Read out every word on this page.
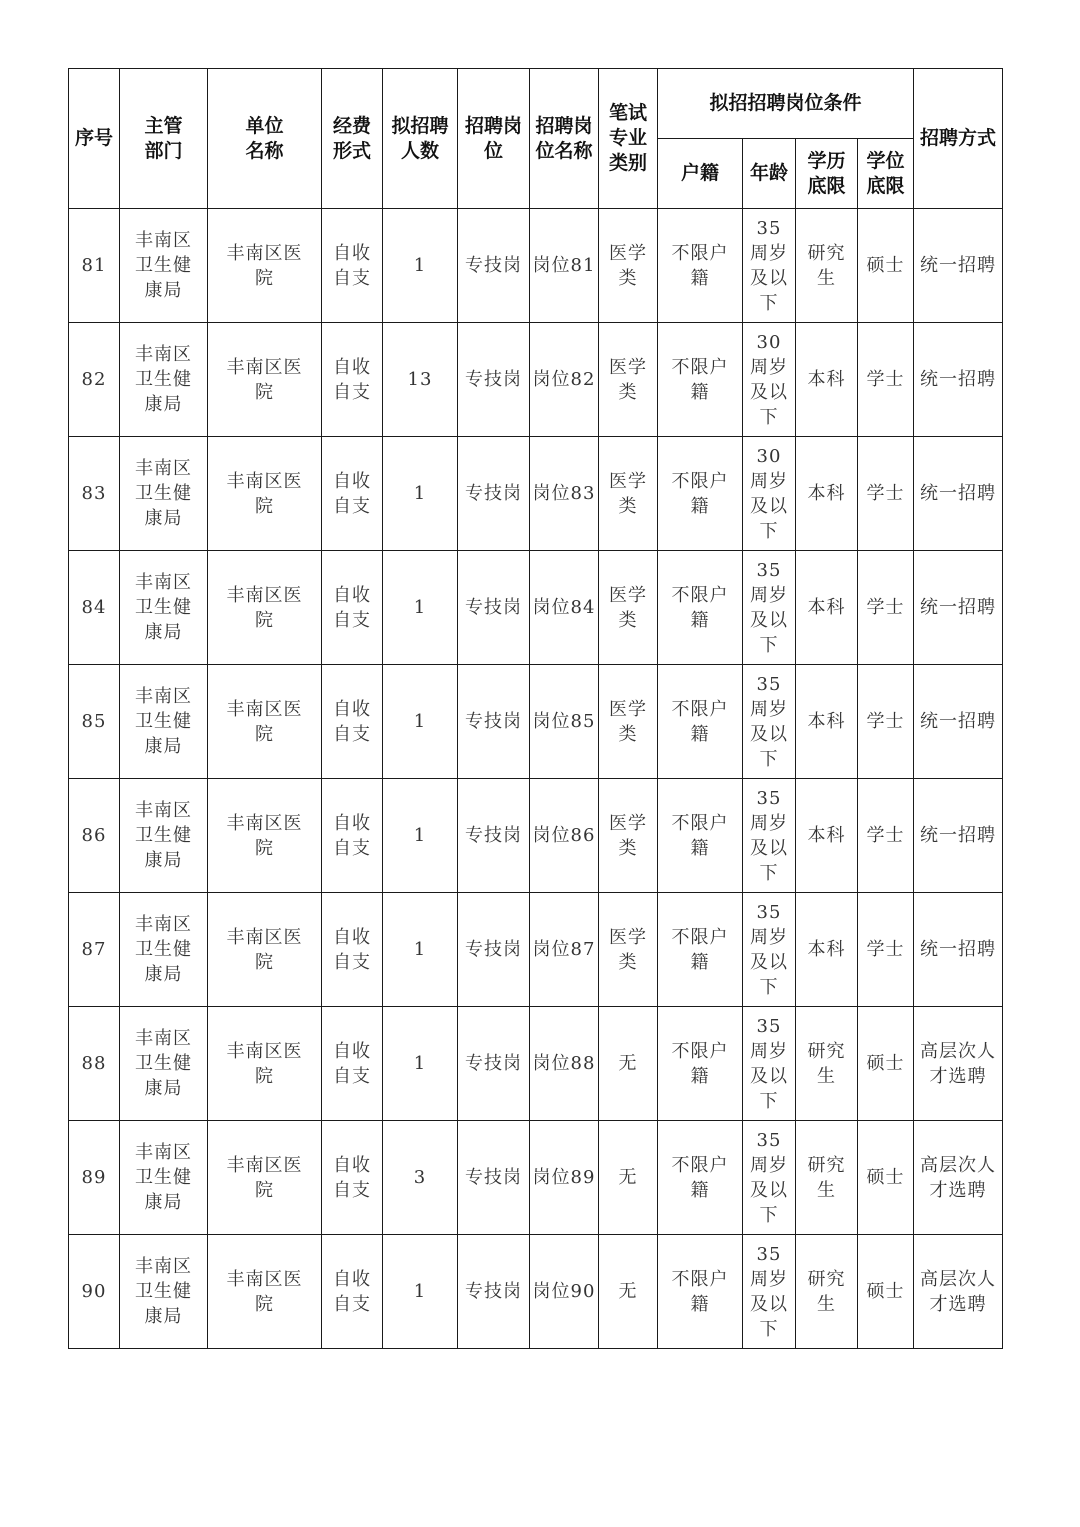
序号	主管部门	单位名称	经费形式	拟招聘人数	招聘岗位	招聘岗位名称	笔试专业类别	拟招招聘岗位条件				招聘方式

								户籍	年龄	学历底限	学位底限	

81	丰南区卫生健康局	丰南区医院	自收自支	1	专技岗	岗位81	医学类	不限户籍	35周岁及以下	研究生	硕士	统一招聘

82	丰南区卫生健康局	丰南区医院	自收自支	13	专技岗	岗位82	医学类	不限户籍	30周岁及以下	本科	学士	统一招聘

83	丰南区卫生健康局	丰南区医院	自收自支	1	专技岗	岗位83	医学类	不限户籍	30周岁及以下	本科	学士	统一招聘

84	丰南区卫生健康局	丰南区医院	自收自支	1	专技岗	岗位84	医学类	不限户籍	35周岁及以下	本科	学士	统一招聘

85	丰南区卫生健康局	丰南区医院	自收自支	1	专技岗	岗位85	医学类	不限户籍	35周岁及以下	本科	学士	统一招聘

86	丰南区卫生健康局	丰南区医院	自收自支	1	专技岗	岗位86	医学类	不限户籍	35周岁及以下	本科	学士	统一招聘

87	丰南区卫生健康局	丰南区医院	自收自支	1	专技岗	岗位87	医学类	不限户籍	35周岁及以下	本科	学士	统一招聘

88	丰南区卫生健康局	丰南区医院	自收自支	1	专技岗	岗位88	无	不限户籍	35周岁及以下	研究生	硕士	高层次人才选聘

89	丰南区卫生健康局	丰南区医院	自收自支	3	专技岗	岗位89	无	不限户籍	35周岁及以下	研究生	硕士	高层次人才选聘

90	丰南区卫生健康局	丰南区医院	自收自支	1	专技岗	岗位90	无	不限户籍	35周岁及以下	研究生	硕士	高层次人才选聘
